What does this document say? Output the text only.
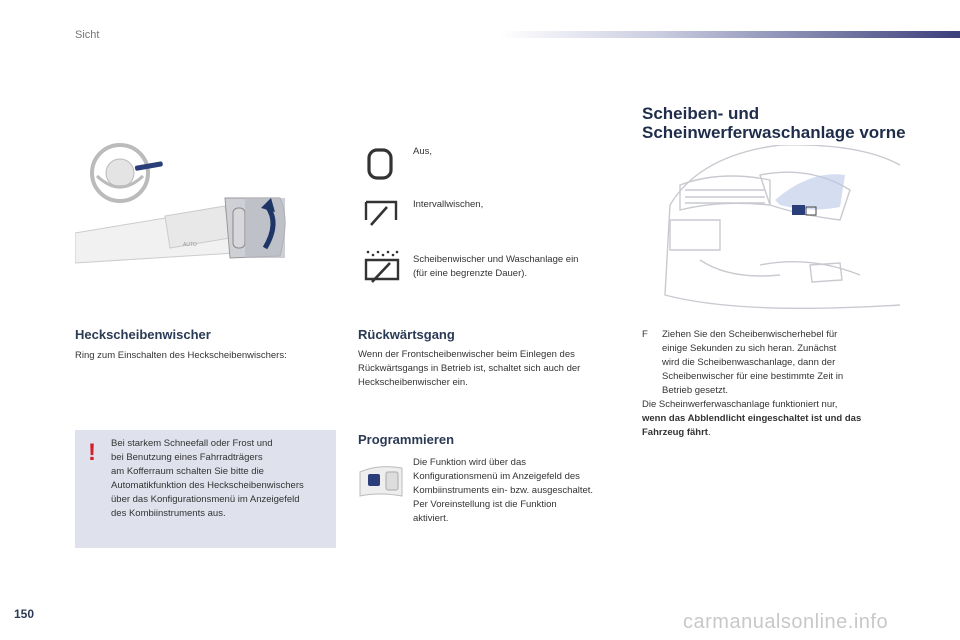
Sicht
AUTO
Heckscheibenwischer
Ring zum Einschalten des Heckscheibenwischers:
! Bei starkem Schneefall oder Frost und
bei Benutzung eines Fahrradträgers
am Kofferraum schalten Sie bitte die
Automatikfunktion des Heckscheibenwischers
über das Konfigurationsmenü im Anzeigefeld
des Kombiinstruments aus.
Aus,
Intervallwischen,
Scheibenwischer und Waschanlage ein
(für eine begrenzte Dauer).
Rückwärtsgang
Wenn der Frontscheibenwischer beim Einlegen des
Rückwärtsgangs in Betrieb ist, schaltet sich auch der
Heckscheibenwischer ein.
Programmieren
Die Funktion wird über das
Konfigurationsmenü im Anzeigefeld des
Kombiinstruments ein- bzw. ausgeschaltet.
Per Voreinstellung ist die Funktion
aktiviert.
Scheiben- und
Scheinwerferwaschanlage vorne
F	Ziehen Sie den Scheibenwischerhebel für
einige Sekunden zu sich heran. Zunächst
wird die Scheibenwaschanlage, dann der
Scheibenwischer für eine bestimmte Zeit in
Betrieb gesetzt.
Die Scheinwerferwaschanlage funktioniert nur,
wenn das Abblendlicht eingeschaltet ist und das
Fahrzeug fährt.
150	carmanualsonline.info
